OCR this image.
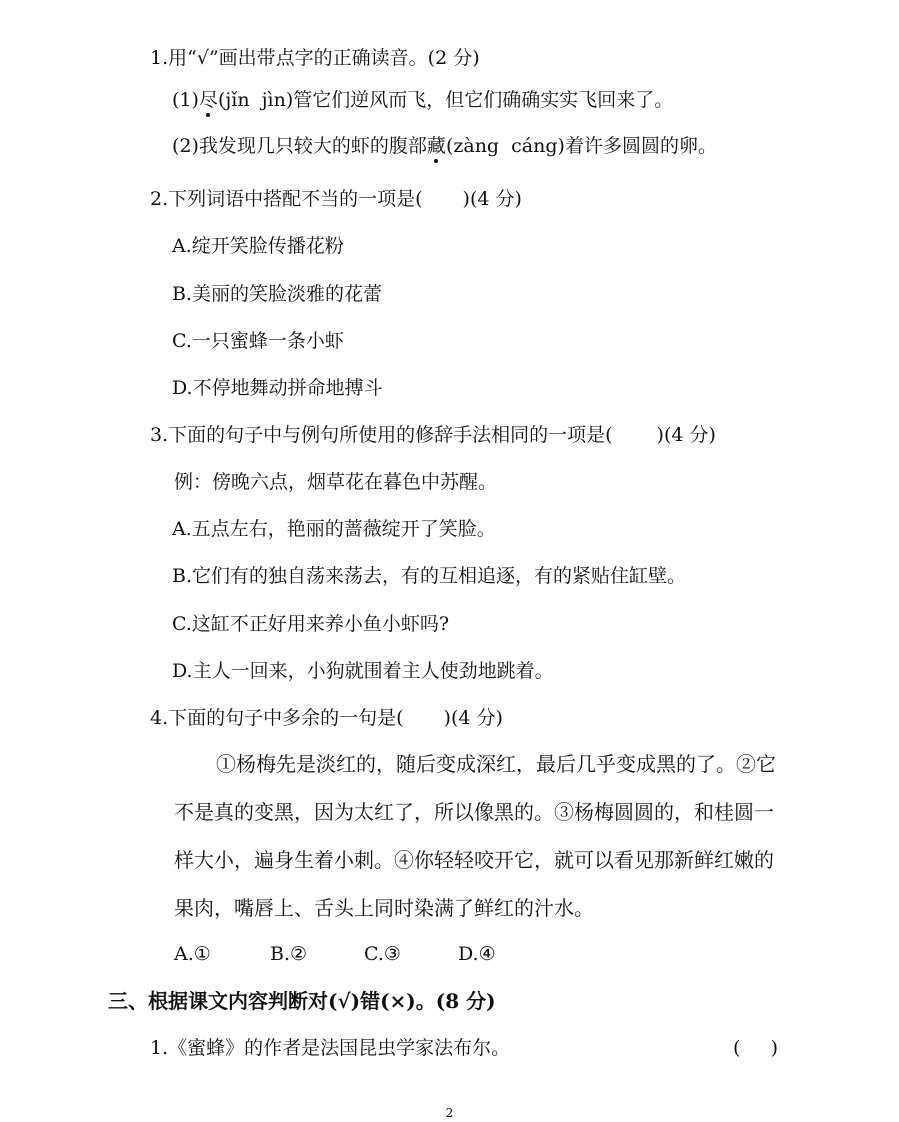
1.用“√”画出带点字的正确读音。(2 分)
(1)尽(jǐn  jìn)管它们逆风而飞，但它们确确实实飞回来了。
(2)我发现几只较大的虾的腹部藏(zàng  cáng)着许多圆圆的卵。
2.下列词语中搭配不当的一项是( )(4 分)
A.绽开笑脸传播花粉
B.美丽的笑脸淡雅的花蕾
C.一只蜜蜂一条小虾
D.不停地舞动拼命地搏斗
3.下面的句子中与例句所使用的修辞手法相同的一项是( )(4 分)
例：傍晚六点，烟草花在暮色中苏醒。
A.五点左右，艳丽的蔷薇绽开了笑脸。
B.它们有的独自荡来荡去，有的互相追逐，有的紧贴住缸壁。
C.这缸不正好用来养小鱼小虾吗?
D.主人一回来，小狗就围着主人使劲地跳着。
4.下面的句子中多余的一句是( )(4 分)
①杨梅先是淡红的，随后变成深红，最后几乎变成黑的了。②它
不是真的变黑，因为太红了，所以像黑的。③杨梅圆圆的，和桂圆一
样大小，遍身生着小刺。④你轻轻咬开它，就可以看见那新鲜红嫩的
果肉，嘴唇上、舌头上同时染满了鲜红的汁水。
A.①	B.②	C.③	D.④
三、根据课文内容判断对(√)错(×)。(8 分)
1.《蜜蜂》的作者是法国昆虫学家法布尔。	(     )
2
